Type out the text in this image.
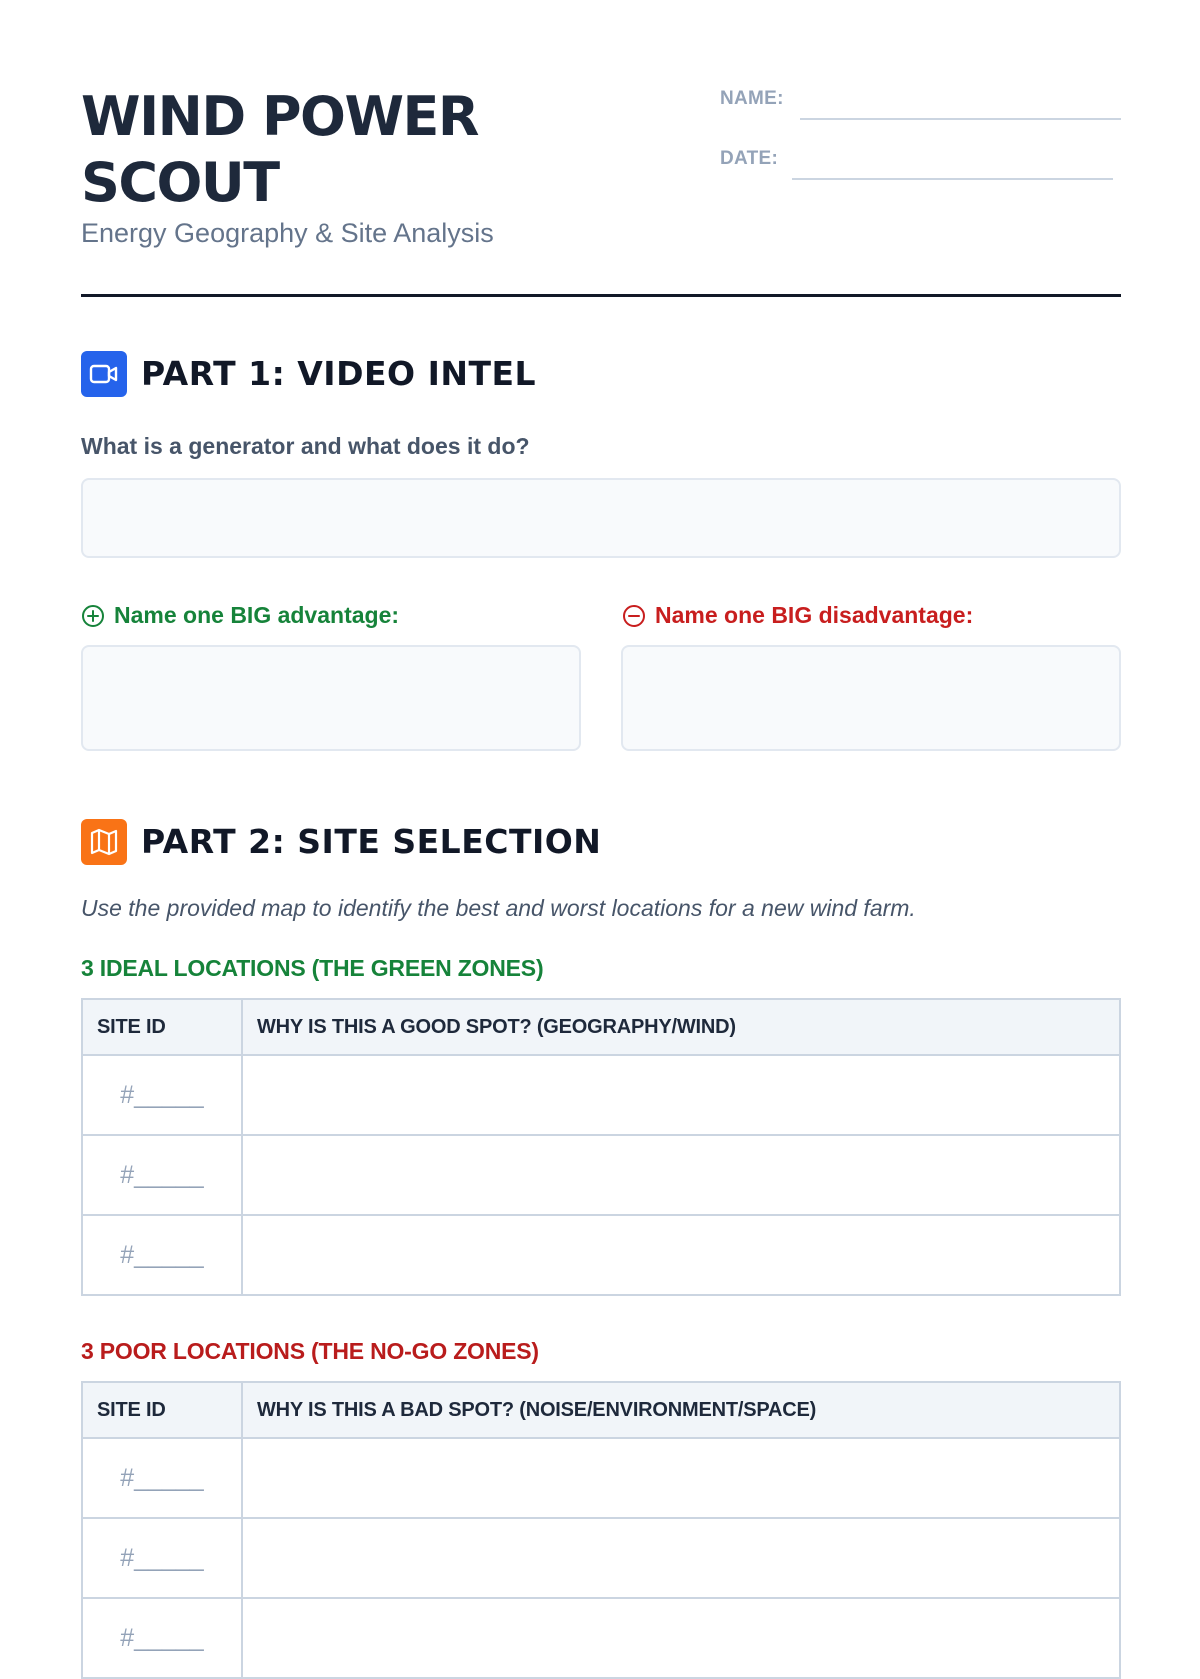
WIND POWER SCOUT
Energy Geography & Site Analysis
NAME:
DATE:
PART 1: VIDEO INTEL
What is a generator and what does it do?
Name one BIG advantage:	Name one BIG disadvantage:
PART 2: SITE SELECTION
Use the provided map to identify the best and worst locations for a new wind farm.
3 IDEAL LOCATIONS (THE GREEN ZONES)
SITE ID	WHY IS THIS A GOOD SPOT? (GEOGRAPHY/WIND)
#_____	
#_____	
#_____	
3 POOR LOCATIONS (THE NO-GO ZONES)
SITE ID	WHY IS THIS A BAD SPOT? (NOISE/ENVIRONMENT/SPACE)
#_____	
#_____	
#_____	
